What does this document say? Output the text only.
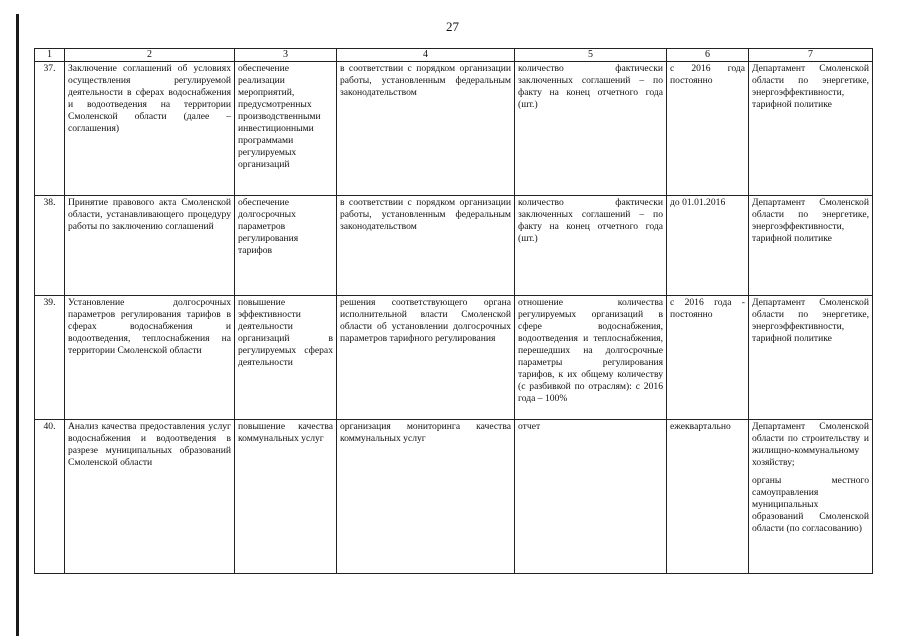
27
1	2	3	4	5	6	7
37.	Заключение соглашений об условиях осуществления регулируемой деятельности в сферах водоснабжения и водоотведения на территории Смоленской области (далее – соглашения)	обеспечение реализации мероприятий, предусмотренных производственными инвестиционными программами регулируемых организаций	в соответствии с порядком организации работы, установленным федеральным законодательством	количество фактически заключенных соглашений – по факту на конец отчетного года (шт.)	с 2016 года постоянно	Департамент Смоленской области по энергетике, энергоэффективности, тарифной политике

38.	Принятие правового акта Смоленской области, устанавливающего процедуру работы по заключению соглашений	обеспечение долгосрочных параметров регулирования тарифов	в соответствии с порядком организации работы, установленным федеральным законодательством	количество фактически заключенных соглашений – по факту на конец отчетного года (шт.)	до 01.01.2016	Департамент Смоленской области по энергетике, энергоэффективности, тарифной политике

39.	Установление долгосрочных параметров регулирования тарифов в сферах водоснабжения и водоотведения, теплоснабжения на территории Смоленской области	повышение эффективности деятельности организаций в регулируемых сферах деятельности	решения соответствующего органа исполнительной власти Смоленской области об установлении долгосрочных параметров тарифного регулирования	отношение количества регулируемых организаций в сфере водоснабжения, водоотведения и теплоснабжения, перешедших на долгосрочные параметры регулирования тарифов, к их общему количеству (с разбивкой по отраслям): с 2016 года – 100%	с 2016 года - постоянно	Департамент Смоленской области по энергетике, энергоэффективности, тарифной политике

40.	Анализ качества предоставления услуг водоснабжения и водоотведения в разрезе муниципальных образований Смоленской области	повышение качества коммунальных услуг	организация мониторинга качества коммунальных услуг	отчет	ежеквартально	Департамент Смоленской области по строительству и жилищно-коммунальному хозяйству;
органы местного самоуправления муниципальных образований Смоленской области (по согласованию)
